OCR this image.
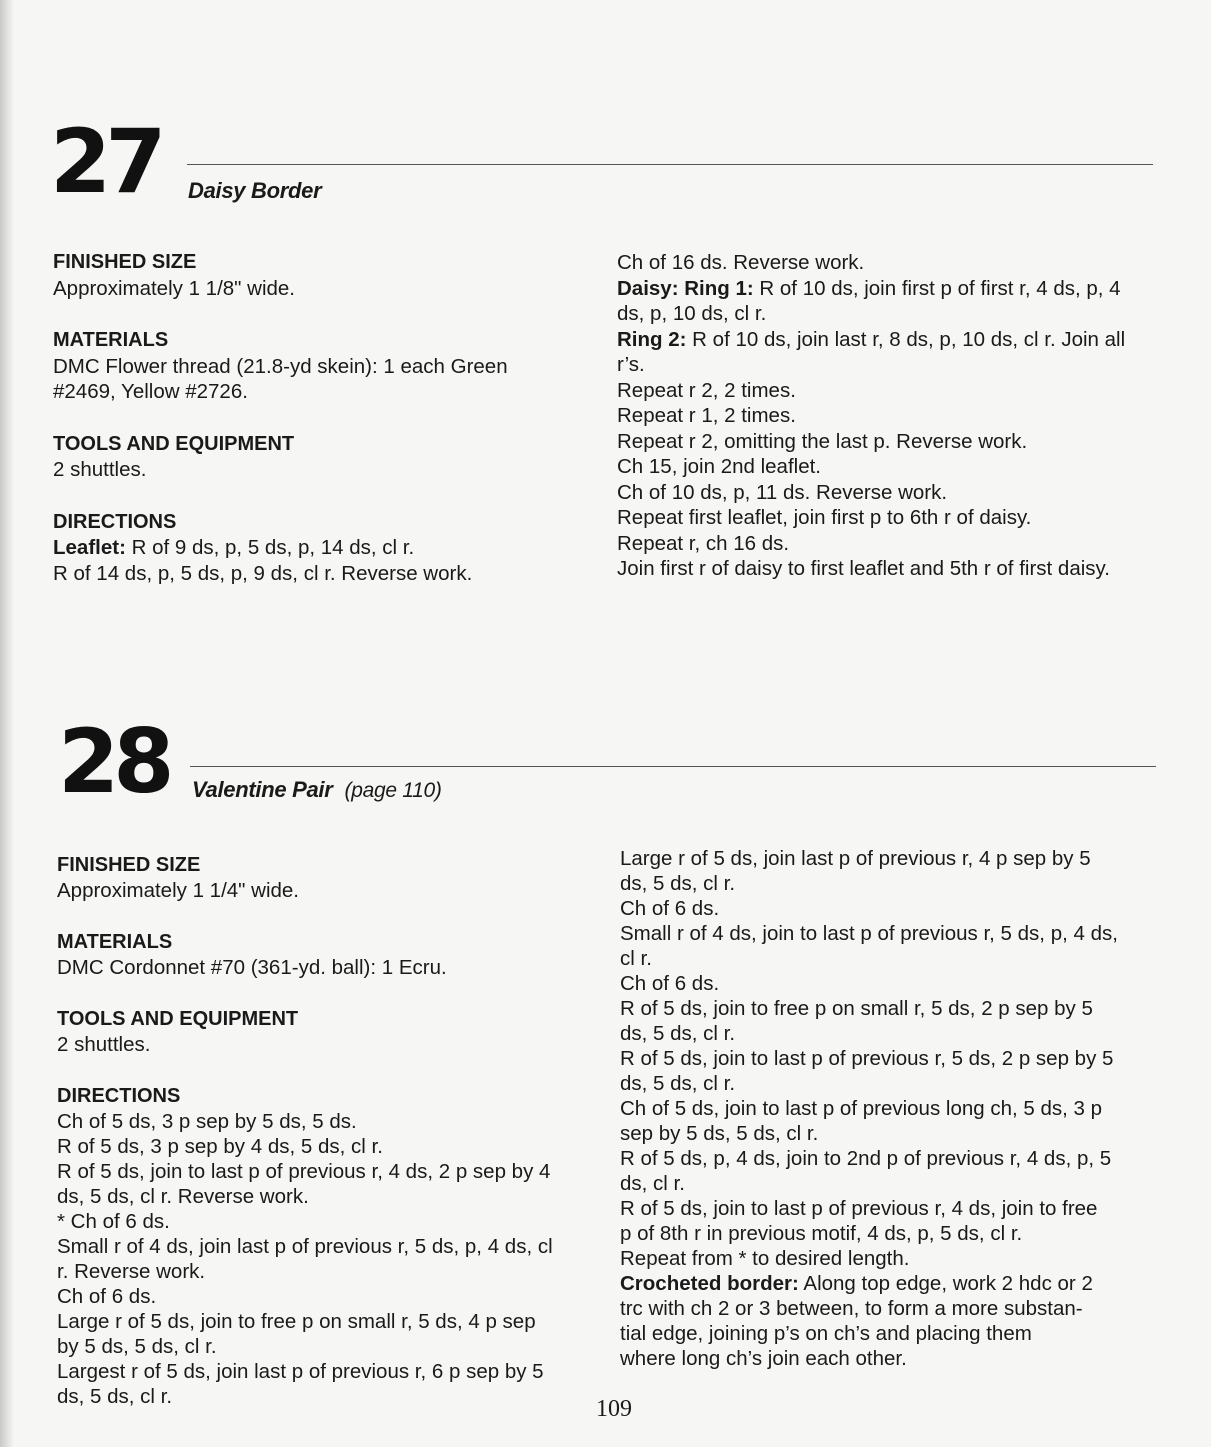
27 Daisy Border
FINISHED SIZE
Approximately 1 1/8" wide.
MATERIALS
DMC Flower thread (21.8-yd skein): 1 each Green
#2469, Yellow #2726.
TOOLS AND EQUIPMENT
2 shuttles.
DIRECTIONS
Leaflet: R of 9 ds, p, 5 ds, p, 14 ds, cl r.
R of 14 ds, p, 5 ds, p, 9 ds, cl r. Reverse work.
Ch of 16 ds. Reverse work.
Daisy: Ring 1: R of 10 ds, join first p of first r, 4 ds, p, 4
ds, p, 10 ds, cl r.
Ring 2: R of 10 ds, join last r, 8 ds, p, 10 ds, cl r. Join all
r’s.
Repeat r 2, 2 times.
Repeat r 1, 2 times.
Repeat r 2, omitting the last p. Reverse work.
Ch 15, join 2nd leaflet.
Ch of 10 ds, p, 11 ds. Reverse work.
Repeat first leaflet, join first p to 6th r of daisy.
Repeat r, ch 16 ds.
Join first r of daisy to first leaflet and 5th r of first daisy.
28 Valentine Pair (page 110)
FINISHED SIZE
Approximately 1 1/4" wide.
MATERIALS
DMC Cordonnet #70 (361-yd. ball): 1 Ecru.
TOOLS AND EQUIPMENT
2 shuttles.
DIRECTIONS
Ch of 5 ds, 3 p sep by 5 ds, 5 ds.
R of 5 ds, 3 p sep by 4 ds, 5 ds, cl r.
R of 5 ds, join to last p of previous r, 4 ds, 2 p sep by 4
ds, 5 ds, cl r. Reverse work.
* Ch of 6 ds.
Small r of 4 ds, join last p of previous r, 5 ds, p, 4 ds, cl
r. Reverse work.
Ch of 6 ds.
Large r of 5 ds, join to free p on small r, 5 ds, 4 p sep
by 5 ds, 5 ds, cl r.
Largest r of 5 ds, join last p of previous r, 6 p sep by 5
ds, 5 ds, cl r.
Large r of 5 ds, join last p of previous r, 4 p sep by 5
ds, 5 ds, cl r.
Ch of 6 ds.
Small r of 4 ds, join to last p of previous r, 5 ds, p, 4 ds,
cl r.
Ch of 6 ds.
R of 5 ds, join to free p on small r, 5 ds, 2 p sep by 5
ds, 5 ds, cl r.
R of 5 ds, join to last p of previous r, 5 ds, 2 p sep by 5
ds, 5 ds, cl r.
Ch of 5 ds, join to last p of previous long ch, 5 ds, 3 p
sep by 5 ds, 5 ds, cl r.
R of 5 ds, p, 4 ds, join to 2nd p of previous r, 4 ds, p, 5
ds, cl r.
R of 5 ds, join to last p of previous r, 4 ds, join to free
p of 8th r in previous motif, 4 ds, p, 5 ds, cl r.
Repeat from * to desired length.
Crocheted border: Along top edge, work 2 hdc or 2
trc with ch 2 or 3 between, to form a more substan-
tial edge, joining p’s on ch’s and placing them
where long ch’s join each other.
109
